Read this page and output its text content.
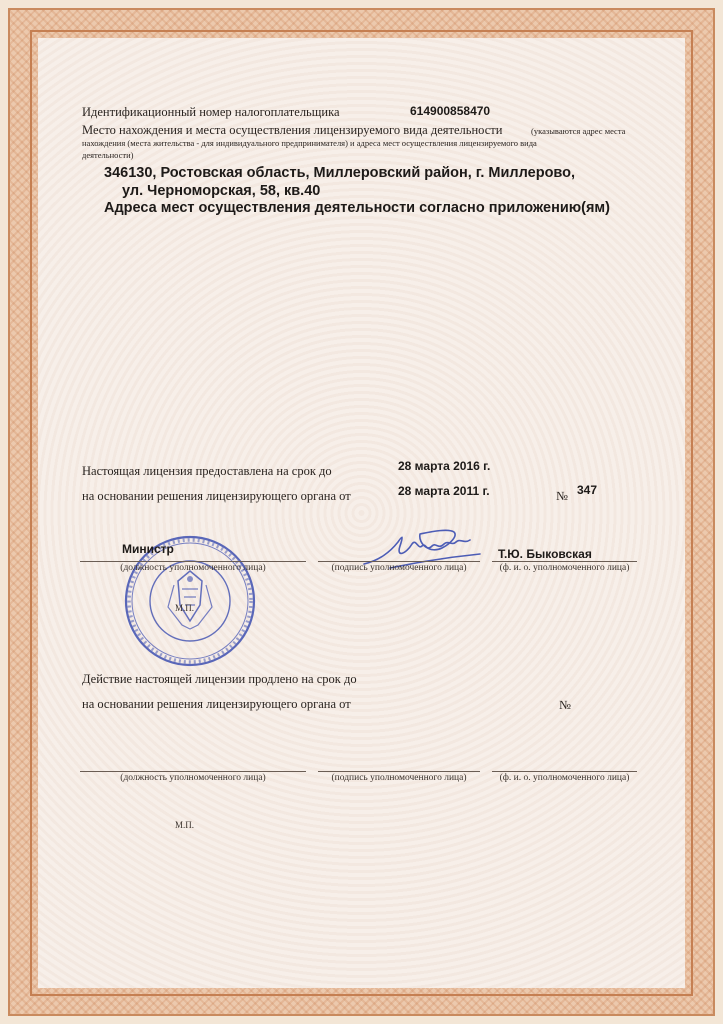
Идентификационный номер налогоплательщика	614900858470
Место нахождения и места осуществления лицензируемого вида деятельности	(указываются адрес места
нахождения (места жительства - для индивидуального предпринимателя) и адреса мест осуществления лицензируемого вида
деятельности)
346130, Ростовская область, Миллеровский район, г. Миллерово,
ул. Черноморская, 58, кв.40
Адреса мест осуществления деятельности согласно приложению(ям)
Настоящая лицензия предоставлена на срок до	28 марта 2016 г.
на основании решения лицензирующего органа от	28 марта 2011 г.	№ 347
Министр	Т.Ю. Быковская
(должность уполномоченного лица)	(подпись уполномоченного лица)	(ф. и. о. уполномоченного лица)
М.П.
Действие настоящей лицензии продлено на срок до
на основании решения лицензирующего органа от	№
(должность уполномоченного лица)	(подпись уполномоченного лица)	(ф. и. о. уполномоченного лица)
М.П.
